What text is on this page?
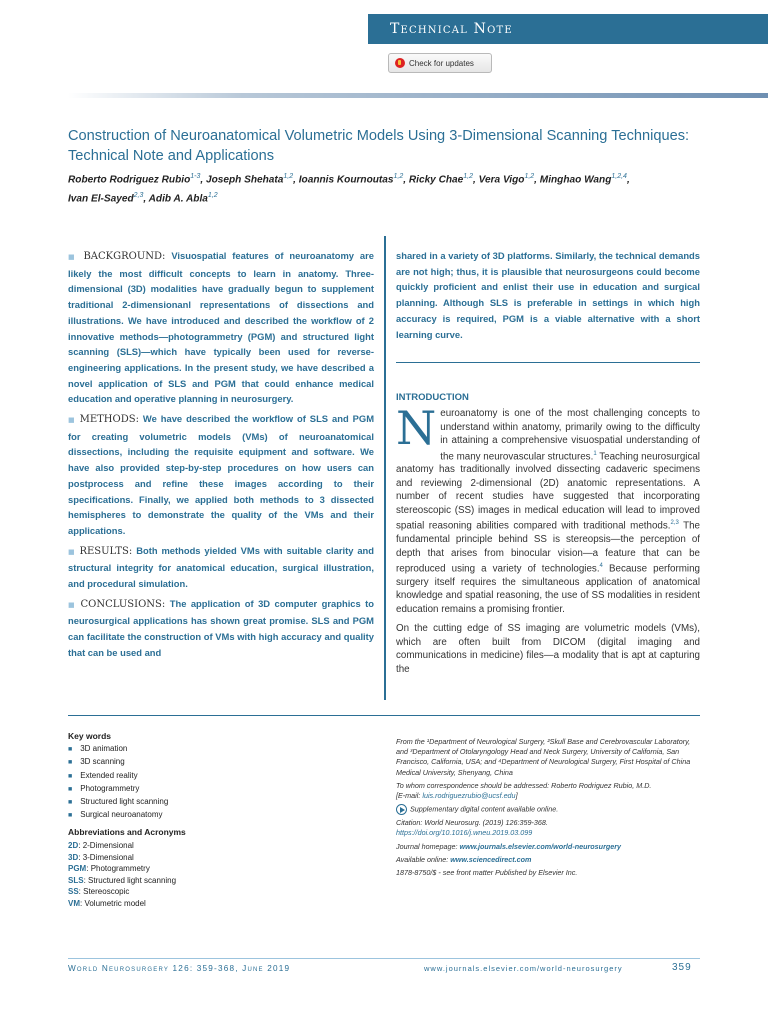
Technical Note
Check for updates
Construction of Neuroanatomical Volumetric Models Using 3-Dimensional Scanning Techniques: Technical Note and Applications
Roberto Rodriguez Rubio$^{1-3}$, Joseph Shehata$^{1,2}$, Ioannis Kournoutas$^{1,2}$, Ricky Chae$^{1,2}$, Vera Vigo$^{1,2}$, Minghao Wang$^{1,2,4}$,
Ivan El-Sayed$^{2,3}$, Adib A. Abla$^{1,2}$

■ BACKGROUND: Visuospatial features of neuroanatomy are likely the most difficult concepts to learn in anatomy. Three-dimensional (3D) modalities have gradually begun to supplement traditional 2-dimensionanl representations of dissections and illustrations. We have introduced and described the workflow of 2 innovative methods—photogrammetry (PGM) and structured light scanning (SLS)—which have typically been used for reverse-engineering applications. In the present study, we have described a novel application of SLS and PGM that could enhance medical education and operative planning in neurosurgery.

■ METHODS: We have described the workflow of SLS and PGM for creating volumetric models (VMs) of neuroanatomical dissections, including the requisite equipment and software. We have also provided step-by-step procedures on how users can postprocess and refine these images according to their specifications. Finally, we applied both methods to 3 dissected hemispheres to demonstrate the quality of the VMs and their applications.

■ RESULTS: Both methods yielded VMs with suitable clarity and structural integrity for anatomical education, surgical illustration, and procedural simulation.

■ CONCLUSIONS: The application of 3D computer graphics to neurosurgical applications has shown great promise. SLS and PGM can facilitate the construction of VMs with high accuracy and quality that can be used and

shared in a variety of 3D platforms. Similarly, the technical demands are not high; thus, it is plausible that neurosurgeons could become quickly proficient and enlist their use in education and surgical planning. Although SLS is preferable in settings in which high accuracy is required, PGM is a viable alternative with a short learning curve.

INTRODUCTION

Neuroanatomy is one of the most challenging concepts to understand within anatomy, primarily owing to the difficulty in attaining a comprehensive visuospatial understanding of the many neurovascular structures.$^1$ Teaching neurosurgical anatomy has traditionally involved dissecting cadaveric specimens and reviewing 2-dimensional (2D) anatomic representations. A number of recent studies have suggested that incorporating stereoscopic (SS) images in medical education will lead to improved spatial reasoning abilities compared with traditional methods.$^{2,3}$ The fundamental principle behind SS is stereopsis—the perception of depth that arises from binocular vision—a feature that can be reproduced using a variety of technologies.$^4$ Because performing surgery itself requires the simultaneous application of anatomical knowledge and spatial reasoning, the use of SS modalities in resident education remains a promising frontier.

On the cutting edge of SS imaging are volumetric models (VMs), which are often built from DICOM (digital imaging and communications in medicine) files—a modality that is apt at capturing the

Key words
■ 3D animation
■ 3D scanning
■ Extended reality
■ Photogrammetry
■ Structured light scanning
■ Surgical neuroanatomy
Abbreviations and Acronyms
2D: 2-Dimensional
3D: 3-Dimensional
PGM: Photogrammetry
SLS: Structured light scanning
SS: Stereoscopic
VM: Volumetric model

From the ¹Department of Neurological Surgery, ²Skull Base and Cerebrovascular Laboratory, and ³Department of Otolaryngology Head and Neck Surgery, University of California, San Francisco, California, USA; and ⁴Department of Neurological Surgery, First Hospital of China Medical University, Shenyang, China

To whom correspondence should be addressed: Roberto Rodriguez Rubio, M.D.
[E-mail: luis.rodriguezrubio@ucsf.edu]

Supplementary digital content available online.

Citation: World Neurosurg. (2019) 126:359-368.
https://doi.org/10.1016/j.wneu.2019.03.099

Journal homepage: www.journals.elsevier.com/world-neurosurgery

Available online: www.sciencedirect.com

1878-8750/$ - see front matter Published by Elsevier Inc.

World Neurosurgery 126: 359-368, June 2019	www.journals.elsevier.com/world-neurosurgery	359
